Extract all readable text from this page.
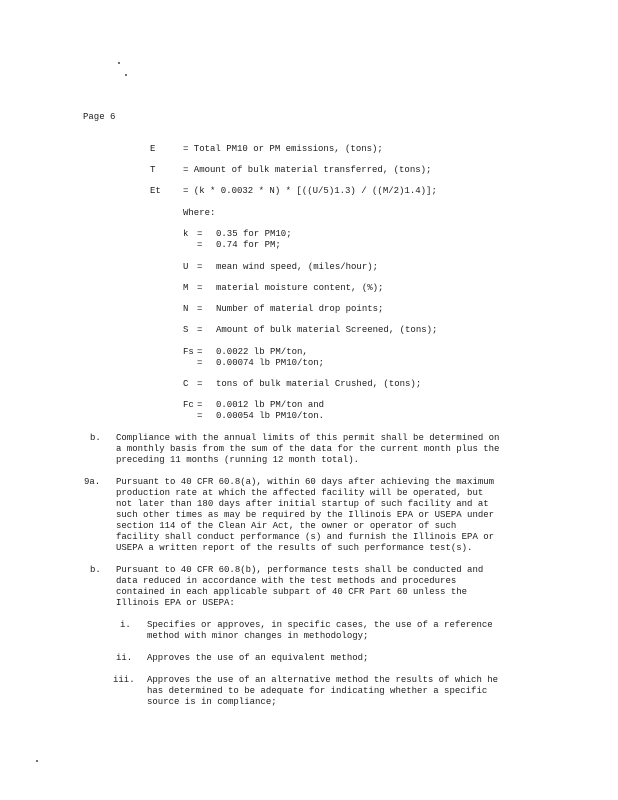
Page 6
E	= Total PM10 or PM emissions, (tons);
T	= Amount of bulk material transferred, (tons);
Et = (k * 0.0032 * N) * [((U/5)1.3) / ((M/2)1.4)];
Where:
k = 0.35 for PM10;
= 0.74 for PM;
U = mean wind speed, (miles/hour);
M = material moisture content, (%);
N = Number of material drop points;
S = Amount of bulk material Screened, (tons);
Fs = 0.0022 lb PM/ton,
= 0.00074 lb PM10/ton;
C = tons of bulk material Crushed, (tons);
Fc = 0.0012 lb PM/ton and
= 0.00054 lb PM10/ton.
b. Compliance with the annual limits of this permit shall be determined on
a monthly basis from the sum of the data for the current month plus the
preceding 11 months (running 12 month total).
9a. Pursuant to 40 CFR 60.8(a), within 60 days after achieving the maximum
production rate at which the affected facility will be operated, but
not later than 180 days after initial startup of such facility and at
such other times as may be required by the Illinois EPA or USEPA under
section 114 of the Clean Air Act, the owner or operator of such
facility shall conduct performance (s) and furnish the Illinois EPA or
USEPA a written report of the results of such performance test(s).
b. Pursuant to 40 CFR 60.8(b), performance tests shall be conducted and
data reduced in accordance with the test methods and procedures
contained in each applicable subpart of 40 CFR Part 60 unless the
Illinois EPA or USEPA:
i. Specifies or approves, in specific cases, the use of a reference
method with minor changes in methodology;
ii. Approves the use of an equivalent method;
iii. Approves the use of an alternative method the results of which he
has determined to be adequate for indicating whether a specific
source is in compliance;
